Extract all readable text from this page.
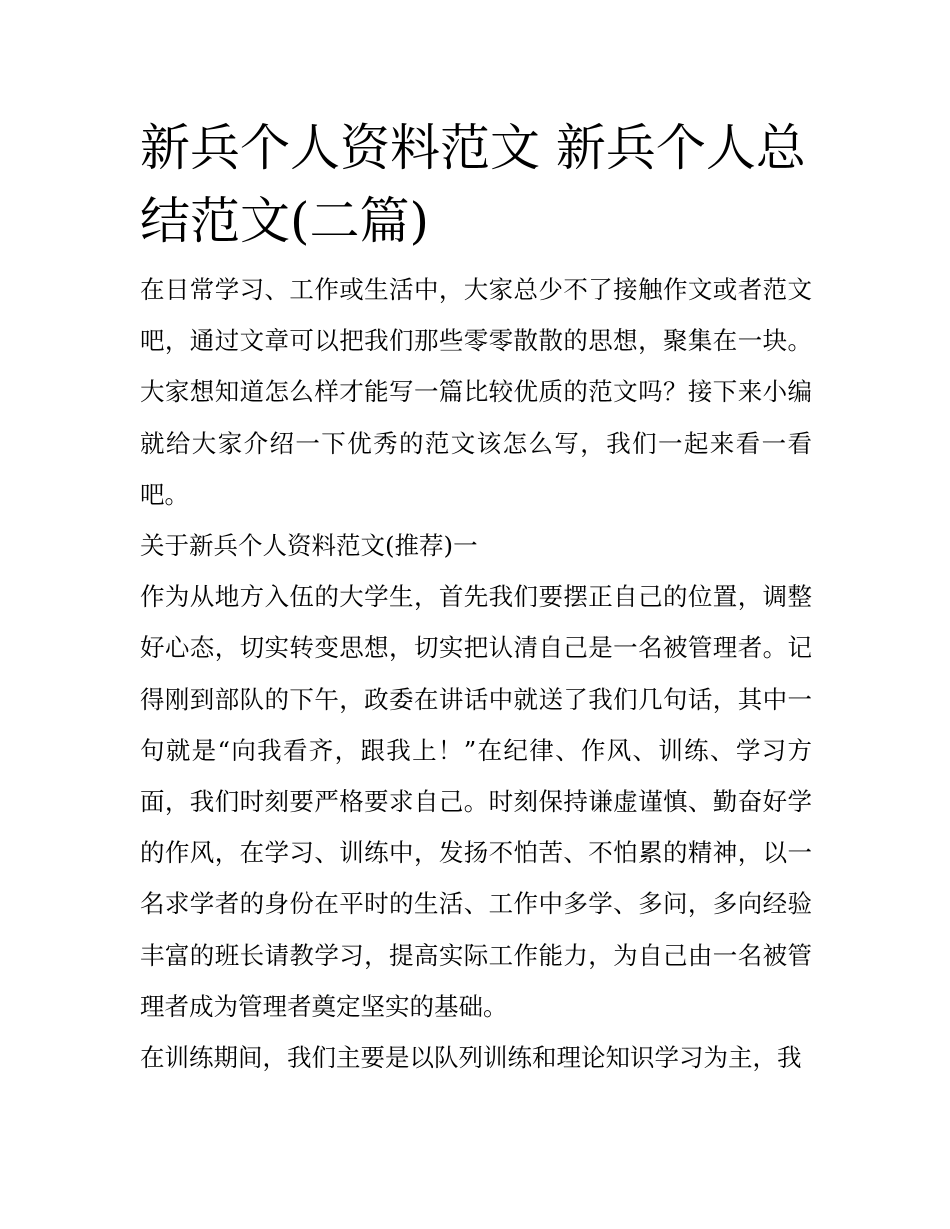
新兵个人资料范文 新兵个人总结范文(二篇)

在日常学习、工作或生活中，大家总少不了接触作文或者范文吧，通过文章可以把我们那些零零散散的思想，聚集在一块。大家想知道怎么样才能写一篇比较优质的范文吗？接下来小编就给大家介绍一下优秀的范文该怎么写，我们一起来看一看吧。

关于新兵个人资料范文(推荐)一

作为从地方入伍的大学生，首先我们要摆正自己的位置，调整好心态，切实转变思想，切实把认清自己是一名被管理者。记得刚到部队的下午，政委在讲话中就送了我们几句话，其中一句就是“向我看齐，跟我上！”在纪律、作风、训练、学习方面，我们时刻要严格要求自己。时刻保持谦虚谨慎、勤奋好学的作风，在学习、训练中，发扬不怕苦、不怕累的精神，以一名求学者的身份在平时的生活、工作中多学、多问，多向经验丰富的班长请教学习，提高实际工作能力，为自己由一名被管理者成为管理者奠定坚实的基础。

在训练期间，我们主要是以队列训练和理论知识学习为主，我
